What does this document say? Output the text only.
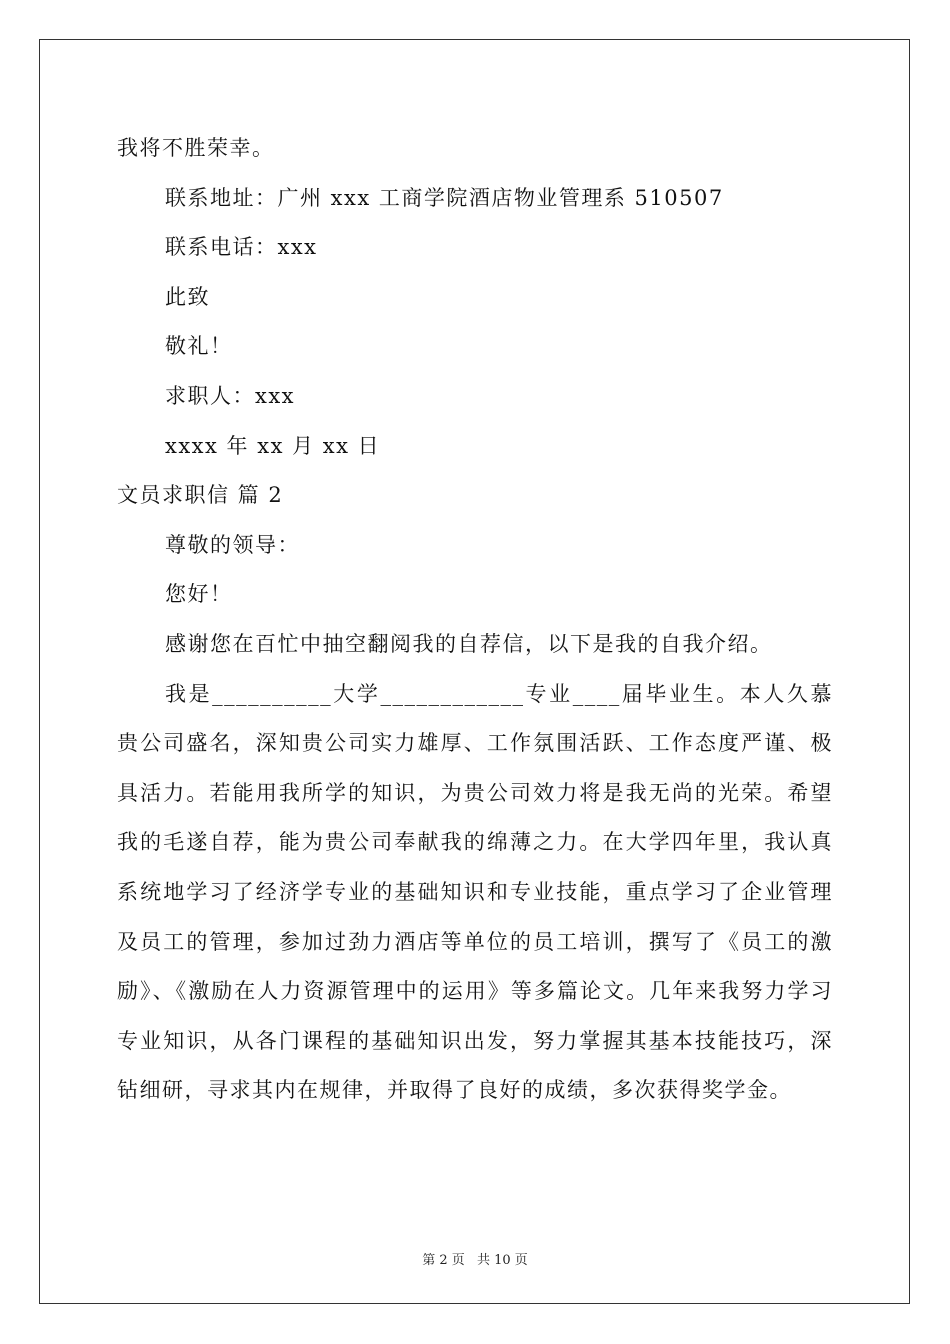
我将不胜荣幸。
联系地址：广州 xxx 工商学院酒店物业管理系 510507
联系电话：xxx
此致
敬礼！
求职人：xxx
xxxx 年 xx 月 xx 日
文员求职信 篇 2
尊敬的领导：
您好！
感谢您在百忙中抽空翻阅我的自荐信，以下是我的自我介绍。

我是__________大学____________专业____届毕业生。本人久慕贵公司盛名，深知贵公司实力雄厚、工作氛围活跃、工作态度严谨、极具活力。若能用我所学的知识，为贵公司效力将是我无尚的光荣。希望我的毛遂自荐，能为贵公司奉献我的绵薄之力。在大学四年里，我认真系统地学习了经济学专业的基础知识和专业技能，重点学习了企业管理及员工的管理，参加过劲力酒店等单位的员工培训，撰写了《员工的激励》、《激励在人力资源管理中的运用》等多篇论文。几年来我努力学习专业知识，从各门课程的基础知识出发，努力掌握其基本技能技巧，深钻细研，寻求其内在规律，并取得了良好的成绩，多次获得奖学金。

第 2 页 共 10 页
